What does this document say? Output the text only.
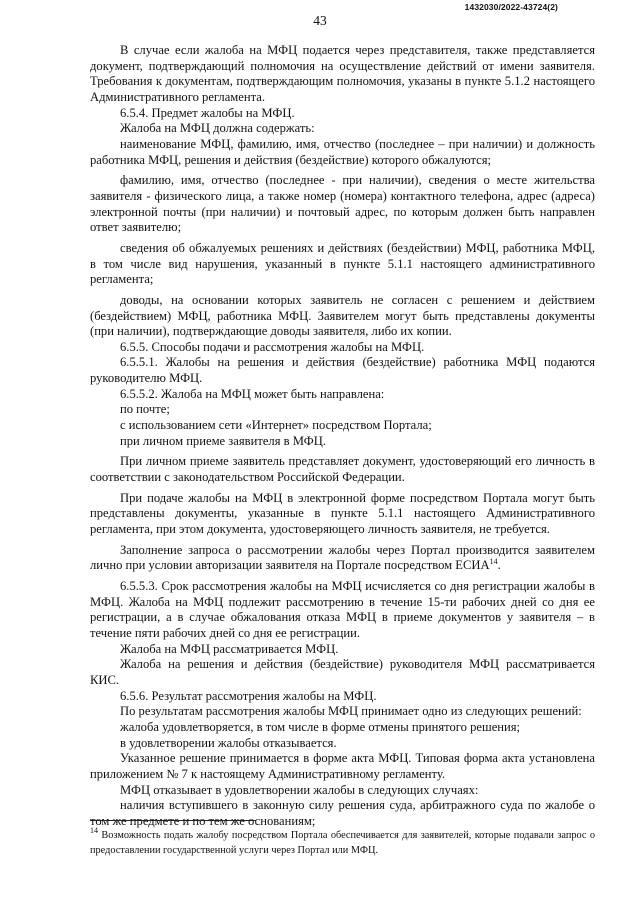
1432030/2022-43724(2)
43

В случае если жалоба на МФЦ подается через представителя, также представляется документ, подтверждающий полномочия на осуществление действий от имени заявителя. Требования к документам, подтверждающим полномочия, указаны в пункте 5.1.2 настоящего Административного регламента.

6.5.4. Предмет жалобы на МФЦ.

Жалоба на МФЦ должна содержать:

наименование МФЦ, фамилию, имя, отчество (последнее – при наличии) и должность работника МФЦ, решения и действия (бездействие) которого обжалуются;

фамилию, имя, отчество (последнее - при наличии), сведения о месте жительства заявителя - физического лица, а также номер (номера) контактного телефона, адрес (адреса) электронной почты (при наличии) и почтовый адрес, по которым должен быть направлен ответ заявителю;

сведения об обжалуемых решениях и действиях (бездействии) МФЦ, работника МФЦ, в том числе вид нарушения, указанный в пункте 5.1.1 настоящего административного регламента;

доводы, на основании которых заявитель не согласен с решением и действием (бездействием) МФЦ, работника МФЦ. Заявителем могут быть представлены документы (при наличии), подтверждающие доводы заявителя, либо их копии.

6.5.5. Способы подачи и рассмотрения жалобы на МФЦ.

6.5.5.1. Жалобы на решения и действия (бездействие) работника МФЦ подаются руководителю МФЦ.

6.5.5.2. Жалоба на МФЦ может быть направлена:

по почте;

с использованием сети «Интернет» посредством Портала;

при личном приеме заявителя в МФЦ.

При личном приеме заявитель представляет документ, удостоверяющий его личность в соответствии с законодательством Российской Федерации.

При подаче жалобы на МФЦ в электронной форме посредством Портала могут быть представлены документы, указанные в пункте 5.1.1 настоящего Административного регламента, при этом документа, удостоверяющего личность заявителя, не требуется.

Заполнение запроса о рассмотрении жалобы через Портал производится заявителем лично при условии авторизации заявителя на Портале посредством ЕСИА$^{14}$.

6.5.5.3. Срок рассмотрения жалобы на МФЦ исчисляется со дня регистрации жалобы в МФЦ. Жалоба на МФЦ подлежит рассмотрению в течение 15-ти рабочих дней со дня ее регистрации, а в случае обжалования отказа МФЦ в приеме документов у заявителя – в течение пяти рабочих дней со дня ее регистрации.

Жалоба на МФЦ рассматривается МФЦ.

Жалоба на решения и действия (бездействие) руководителя МФЦ рассматривается КИС.

6.5.6. Результат рассмотрения жалобы на МФЦ.

По результатам рассмотрения жалобы МФЦ принимает одно из следующих решений:

жалоба удовлетворяется, в том числе в форме отмены принятого решения;

в удовлетворении жалобы отказывается.

Указанное решение принимается в форме акта МФЦ. Типовая форма акта установлена приложением № 7 к настоящему Административному регламенту.

МФЦ отказывает в удовлетворении жалобы в следующих случаях:

наличия вступившего в законную силу решения суда, арбитражного суда по жалобе о том же предмете и по тем же основаниям;

$^{14}$ Возможность подать жалобу посредством Портала обеспечивается для заявителей, которые подавали запрос о предоставлении государственной услуги через Портал или МФЦ.
